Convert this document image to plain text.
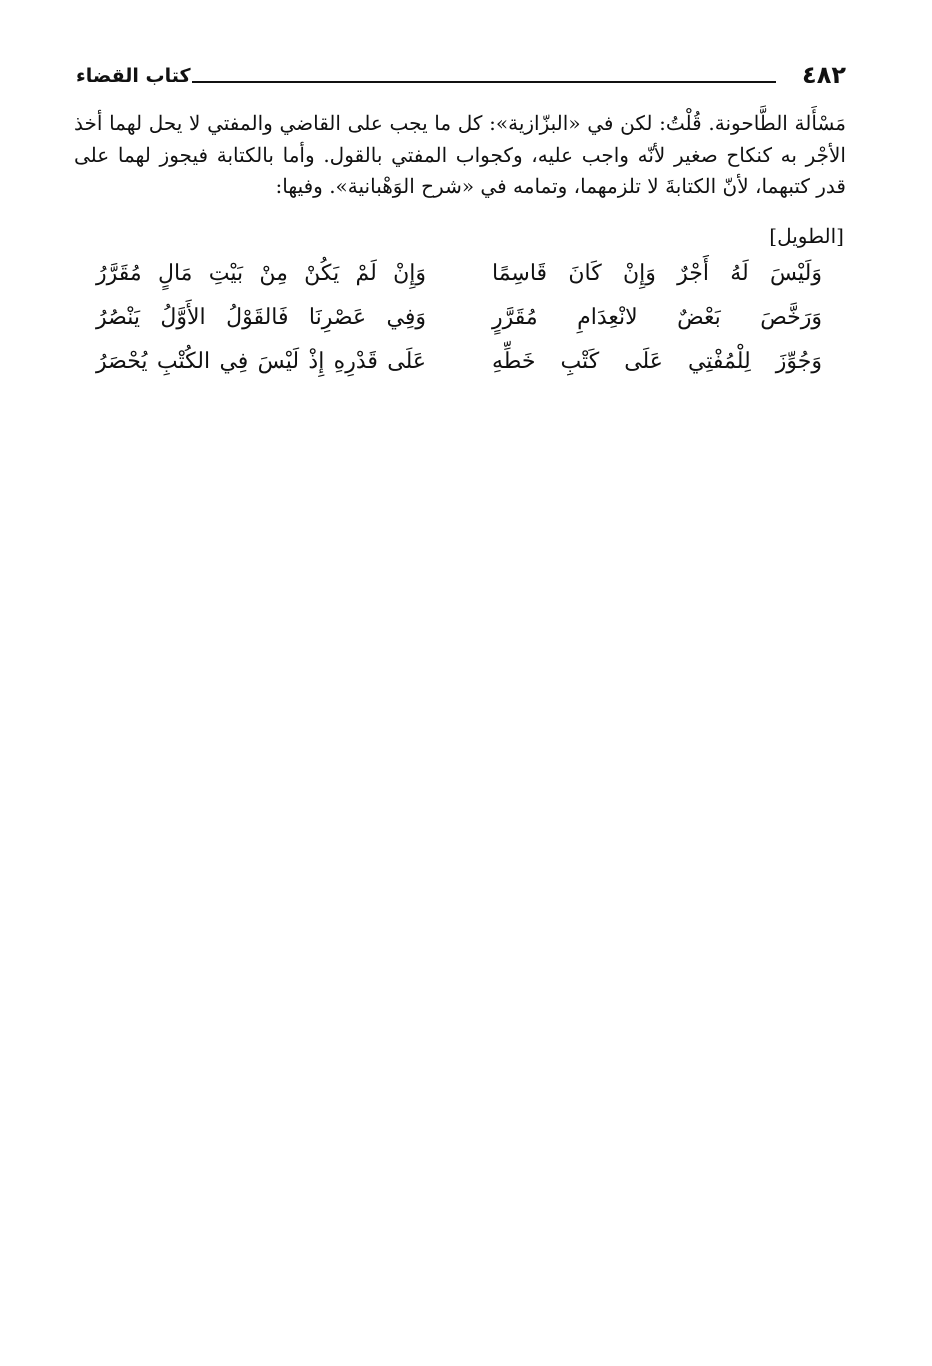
٤٨٢
كتاب القضاء

مَسْأَلة الطَّاحونة. قُلْتُ: لكن في «البزّازية»: كل ما يجب على القاضي والمفتي لا يحل لهما أخذ الأجْر به كنكاح صغير لأنّه واجب عليه، وكجواب المفتي بالقول. وأما بالكتابة فيجوز لهما على قدر كتبهما، لأنّ الكتابةَ لا تلزمهما، وتمامه في «شرح الوَهْبانية». وفيها:

[الطويل]
وَلَيْسَ لَهُ أَجْرٌ وَإِنْ كَانَ قَاسِمًا
وَإِنْ لَمْ يَكُنْ مِنْ بَيْتِ مَالٍ مُقَرَّرُ
وَرَخَّصَ بَعْضٌ لانْعِدَامِ مُقَرَّرٍ
وَفِي عَصْرِنَا فَالقَوْلُ الأَوَّلُ يَنْصُرُ
وَجُوِّزَ لِلْمُفْتِي عَلَى كَتْبِ خَطِّهِ
عَلَى قَدْرِهِ إِذْ لَيْسَ فِي الكُتْبِ يُحْصَرُ
